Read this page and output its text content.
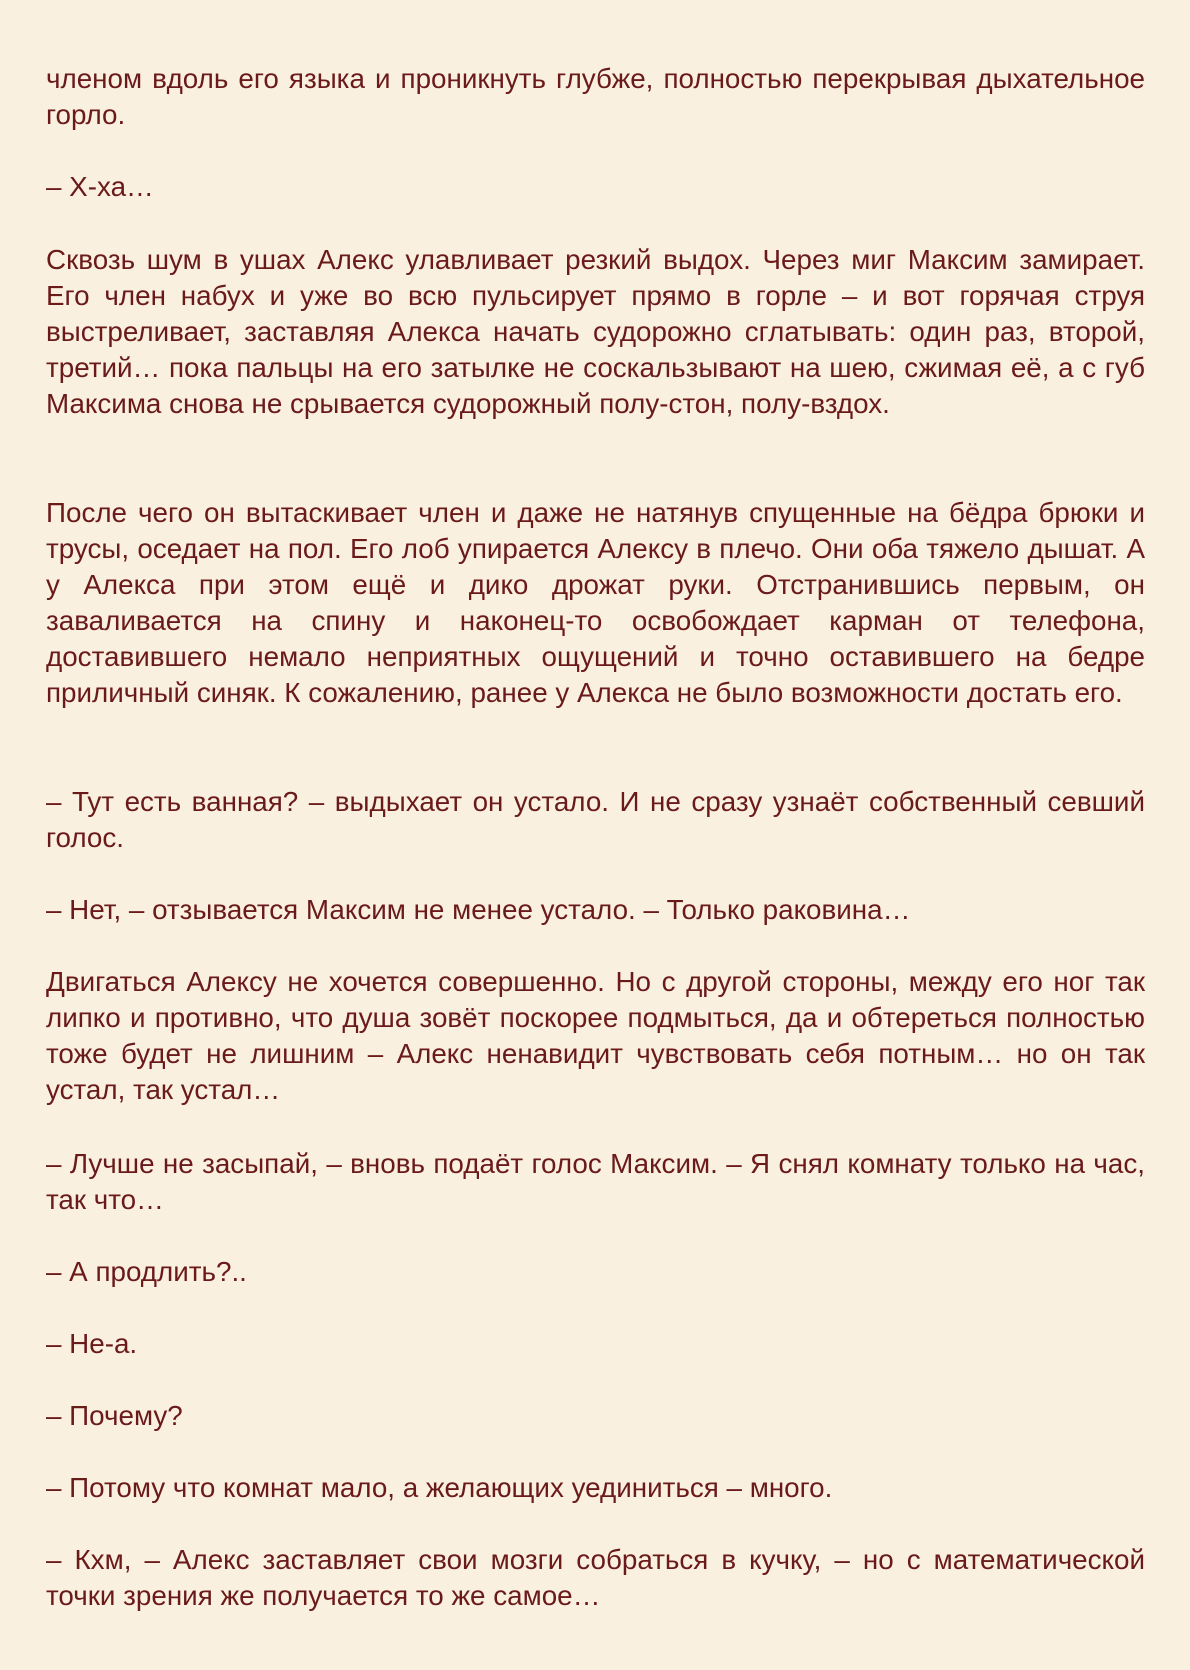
членом вдоль его языка и проникнуть глубже, полностью перекрывая дыхательное горло.

– Х-ха…

Сквозь шум в ушах Алекс улавливает резкий выдох. Через миг Максим замирает. Его член набух и уже во всю пульсирует прямо в горле – и вот горячая струя выстреливает, заставляя Алекса начать судорожно сглатывать: один раз, второй, третий… пока пальцы на его затылке не соскальзывают на шею, сжимая её, а с губ Максима снова не срывается судорожный полу-стон, полу-вздох.

После чего он вытаскивает член и даже не натянув спущенные на бёдра брюки и трусы, оседает на пол. Его лоб упирается Алексу в плечо. Они оба тяжело дышат. А у Алекса при этом ещё и дико дрожат руки. Отстранившись первым, он заваливается на спину и наконец-то освобождает карман от телефона, доставившего немало неприятных ощущений и точно оставившего на бедре приличный синяк. К сожалению, ранее у Алекса не было возможности достать его.

– Тут есть ванная? – выдыхает он устало. И не сразу узнаёт собственный севший голос.

– Нет, – отзывается Максим не менее устало. – Только раковина…

Двигаться Алексу не хочется совершенно. Но с другой стороны, между его ног так липко и противно, что душа зовёт поскорее подмыться, да и обтереться полностью тоже будет не лишним – Алекс ненавидит чувствовать себя потным… но он так устал, так устал…

– Лучше не засыпай, – вновь подаёт голос Максим. – Я снял комнату только на час, так что…

– А продлить?..

– Не-а.

– Почему?

– Потому что комнат мало, а желающих уединиться – много.

– Кхм, – Алекс заставляет свои мозги собраться в кучку, – но с математической точки зрения же получается то же самое…
